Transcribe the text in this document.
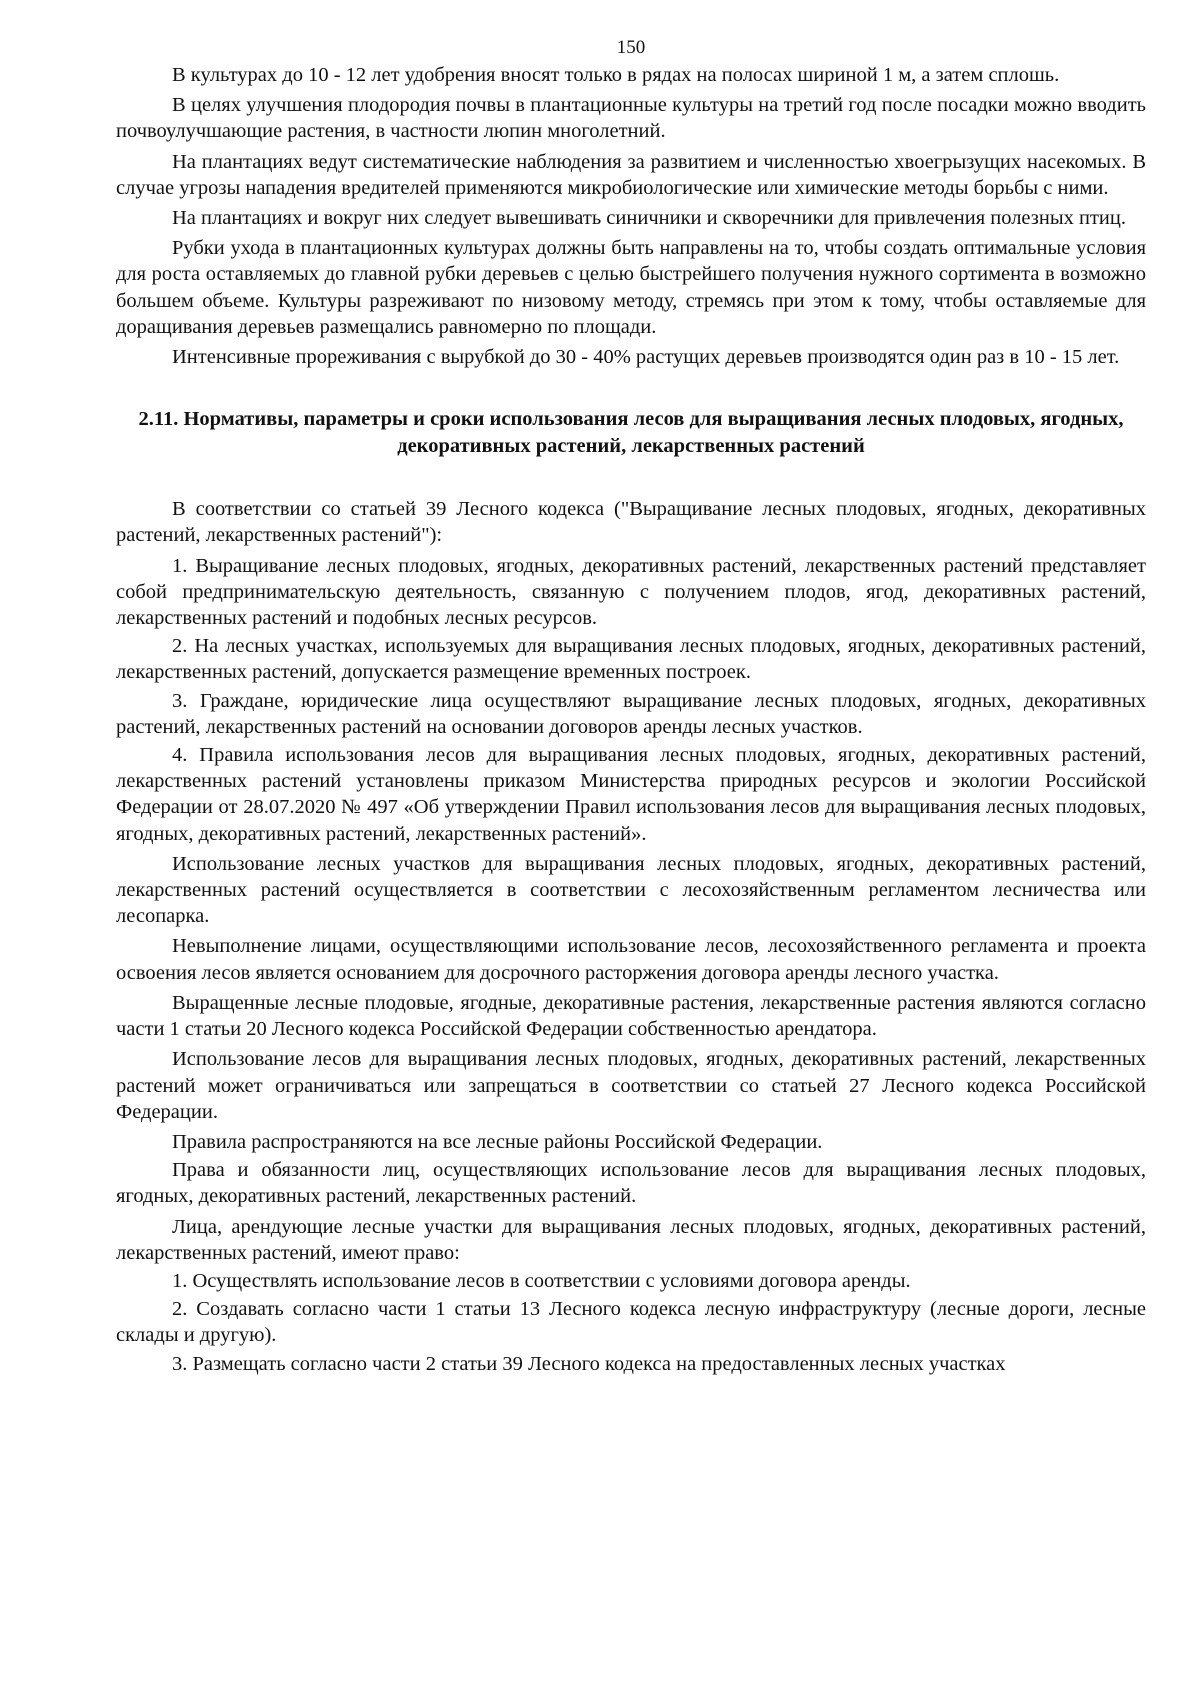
150

В культурах до 10 - 12 лет удобрения вносят только в рядах на полосах шириной 1 м, а затем сплошь.

В целях улучшения плодородия почвы в плантационные культуры на третий год после посадки можно вводить почвоулучшающие растения, в частности люпин многолетний.

На плантациях ведут систематические наблюдения за развитием и численностью хвоегрызущих насекомых. В случае угрозы нападения вредителей применяются микробиологические или химические методы борьбы с ними.

На плантациях и вокруг них следует вывешивать синичники и скворечники для привлечения полезных птиц.

Рубки ухода в плантационных культурах должны быть направлены на то, чтобы создать оптимальные условия для роста оставляемых до главной рубки деревьев с целью быстрейшего получения нужного сортимента в возможно большем объеме. Культуры разреживают по низовому методу, стремясь при этом к тому, чтобы оставляемые для доращивания деревьев размещались равномерно по площади.

Интенсивные прореживания с вырубкой до 30 - 40% растущих деревьев производятся один раз в 10 - 15 лет.

2.11. Нормативы, параметры и сроки использования лесов для выращивания лесных плодовых, ягодных, декоративных растений, лекарственных растений

В соответствии со статьей 39 Лесного кодекса ("Выращивание лесных плодовых, ягодных, декоративных растений, лекарственных растений"):

1. Выращивание лесных плодовых, ягодных, декоративных растений, лекарственных растений представляет собой предпринимательскую деятельность, связанную с получением плодов, ягод, декоративных растений, лекарственных растений и подобных лесных ресурсов.

2. На лесных участках, используемых для выращивания лесных плодовых, ягодных, декоративных растений, лекарственных растений, допускается размещение временных построек.

3. Граждане, юридические лица осуществляют выращивание лесных плодовых, ягодных, декоративных растений, лекарственных растений на основании договоров аренды лесных участков.

4. Правила использования лесов для выращивания лесных плодовых, ягодных, декоративных растений, лекарственных растений установлены приказом Министерства природных ресурсов и экологии Российской Федерации от 28.07.2020 № 497 «Об утверждении Правил использования лесов для выращивания лесных плодовых, ягодных, декоративных растений, лекарственных растений».

Использование лесных участков для выращивания лесных плодовых, ягодных, декоративных растений, лекарственных растений осуществляется в соответствии с лесохозяйственным регламентом лесничества или лесопарка.

Невыполнение лицами, осуществляющими использование лесов, лесохозяйственного регламента и проекта освоения лесов является основанием для досрочного расторжения договора аренды лесного участка.

Выращенные лесные плодовые, ягодные, декоративные растения, лекарственные растения являются согласно части 1 статьи 20 Лесного кодекса Российской Федерации собственностью арендатора.

Использование лесов для выращивания лесных плодовых, ягодных, декоративных растений, лекарственных растений может ограничиваться или запрещаться в соответствии со статьей 27 Лесного кодекса Российской Федерации.

Правила распространяются на все лесные районы Российской Федерации.

Права и обязанности лиц, осуществляющих использование лесов для выращивания лесных плодовых, ягодных, декоративных растений, лекарственных растений.

Лица, арендующие лесные участки для выращивания лесных плодовых, ягодных, декоративных растений, лекарственных растений, имеют право:

1. Осуществлять использование лесов в соответствии с условиями договора аренды.

2. Создавать согласно части 1 статьи 13 Лесного кодекса лесную инфраструктуру (лесные дороги, лесные склады и другую).

3. Размещать согласно части 2 статьи 39 Лесного кодекса на предоставленных лесных участках
